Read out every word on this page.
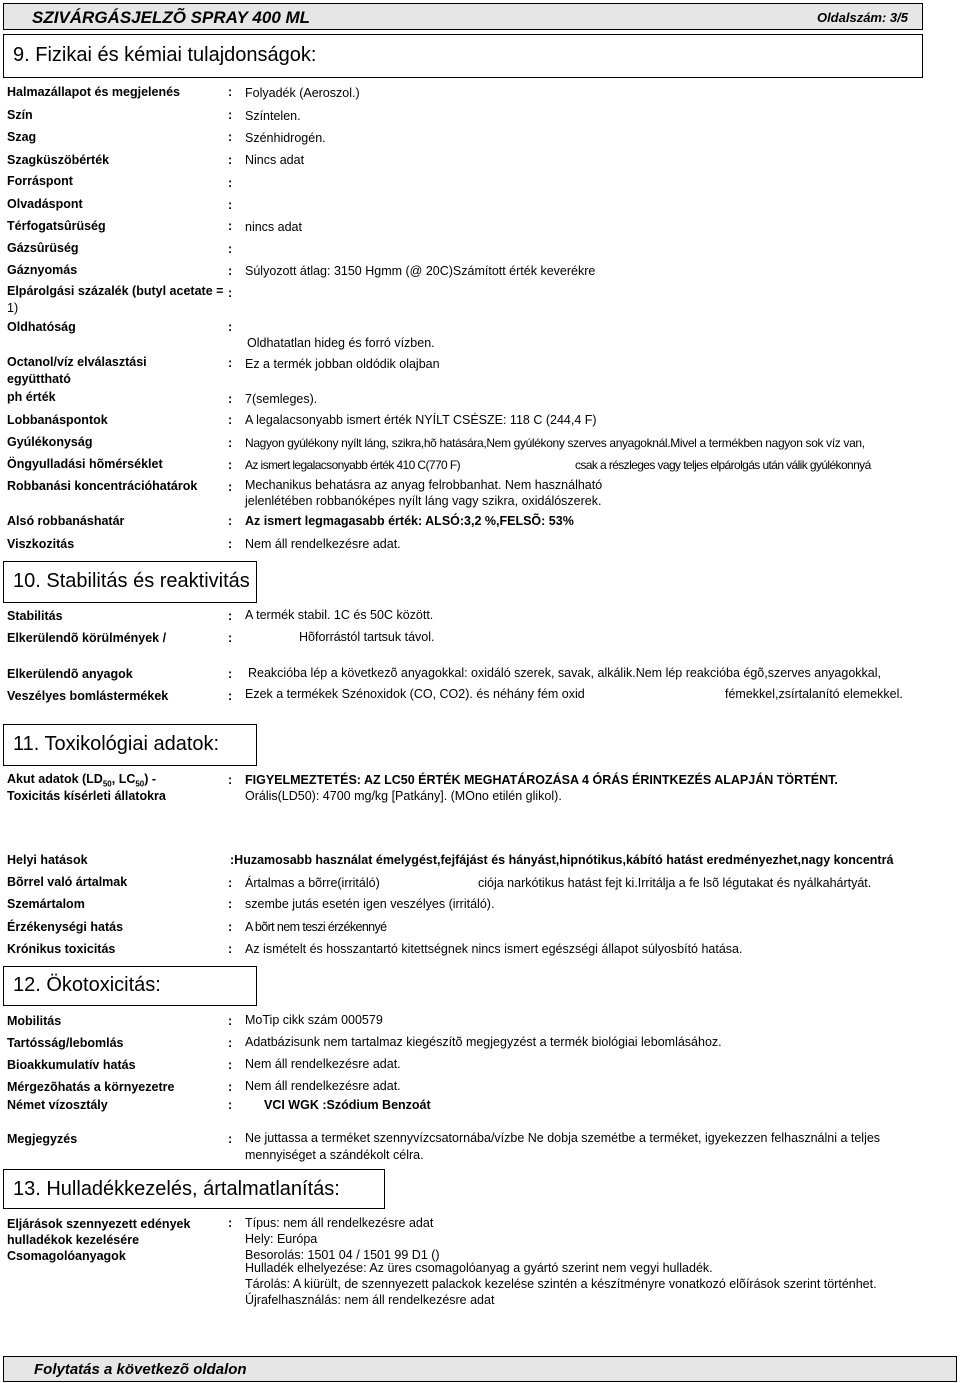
SZIVÁRGÁSJELZÕ SPRAY 400 ML	Oldalszám: 3/5
9. Fizikai és kémiai tulajdonságok:
Halmazállapot és megjelenés	: Folyadék (Aeroszol.)
Szín	: Színtelen.
Szag	: Szénhidrogén.
Szagküszöbérték	: Nincs adat
Forráspont	:
Olvadáspont	:
Térfogatsûrüség	: nincs adat
Gázsûrüség	:
Gáznyomás	: Súlyozott átlag: 3150 Hgmm (@ 20C)Számított érték keverékre
Elpárolgási százalék (butyl acetate = :
1)
Oldhatóság	:
Oldhatatlan hideg és forró vízben.
Octanol/víz elválasztási
együttható
: Ez a termék jobban oldódik olajban
ph érték	: 7(semleges).
Lobbanáspontok	: A legalacsonyabb ismert érték NYÍLT CSÉSZE: 118 C (244,4 F)
Gyúlékonyság	: Nagyon gyúlékony nyílt láng, szikra,hõ hatására,Nem gyúlékony szerves anyagoknál.Mivel a termékben nagyon sok víz van,
Öngyulladási hõmérséklet	: Az ismert legalacsonyabb érték 410 C(770 F)	csak a részleges vagy teljes elpárolgás után válik gyúlékonnyá
Robbanási koncentrációhatárok : Mechanikus behatásra az anyag felrobbanhat. Nem használható
jelenlétében robbanóképes nyílt láng vagy szikra, oxidálószerek.
Alsó robbanáshatár	: Az ismert legmagasabb érték: ALSÓ:3,2 %,FELSÕ: 53%
Viszkozitás	: Nem áll rendelkezésre adat.
10. Stabilitás és reaktivitás
Stabilitás	: A termék stabil. 1C és 50C között.
Elkerülendõ körülmények /	:	Hõforrástól tartsuk távol.
Elkerülendõ anyagok	: Reakcióba lép a következõ anyagokkal: oxidáló szerek, savak, alkálik.Nem lép reakcióba égõ,szerves anyagokkal,
Veszélyes bomlástermékek	: Ezek a termékek Szénoxidok (CO, CO2). és néhány fém oxid	fémekkel,zsírtalanító elemekkel.
11. Toxikológiai adatok:
Akut adatok ($LD_{50}$, $LC_{50}$) -
Toxicitás kísérleti állatokra
: FIGYELMEZTETÉS: AZ LC50 ÉRTÉK MEGHATÁROZÁSA 4 ÓRÁS ÉRINTKEZÉS ALAPJÁN TÖRTÉNT.
Orális(LD50): 4700 mg/kg [Patkány]. (MOno etilén glikol).
Helyi hatások	:Huzamosabb használat émelygést,fejfájást és hányást,hipnótikus,kábító hatást eredményezhet,nagy koncentrá
Bõrrel való ártalmak	: Ártalmas a bõrre(irritáló)	ciója narkótikus hatást fejt ki.Irritálja a fe lsõ légutakat és nyálkahártyát.
Szemártalom	: szembe jutás esetén igen veszélyes (irritáló).
Érzékenységi hatás	: A bõrt nem teszi érzékennyé
Krónikus toxicitás	: Az ismételt és hosszantartó kitettségnek nincs ismert egészségi állapot súlyosbító hatása.
12. Ökotoxicitás:
Mobilitás	: MoTip cikk szám 000579
Tartósság/lebomlás	: Adatbázisunk nem tartalmaz kiegészítõ megjegyzést a termék biológiai lebomlásához.
Bioakkumulatív hatás	: Nem áll rendelkezésre adat.
Mérgezõhatás a környezetre	: Nem áll rendelkezésre adat.
Német vízosztály	:	VCI WGK :Szódium Benzoát
Megjegyzés	: Ne juttassa a terméket szennyvízcsatornába/vízbe Ne dobja szemétbe a terméket, igyekezzen felhasználni a teljes
mennyiséget a szándékolt célra.
13. Hulladékkezelés, ártalmatlanítás:
Eljárások szennyezett edények
hulladékok kezelésére
Csomagolóanyagok
: Típus: nem áll rendelkezésre adat
Hely: Európa
Besorolás: 1501 04 / 1501 99 D1 ()
Hulladék elhelyezése: Az üres csomagolóanyag a gyártó szerint nem vegyi hulladék.
Tárolás: A kiürült, de szennyezett palackok kezelése szintén a készítményre vonatkozó elõírások szerint történhet.
Újrafelhasználás: nem áll rendelkezésre adat
Folytatás a következõ oldalon
